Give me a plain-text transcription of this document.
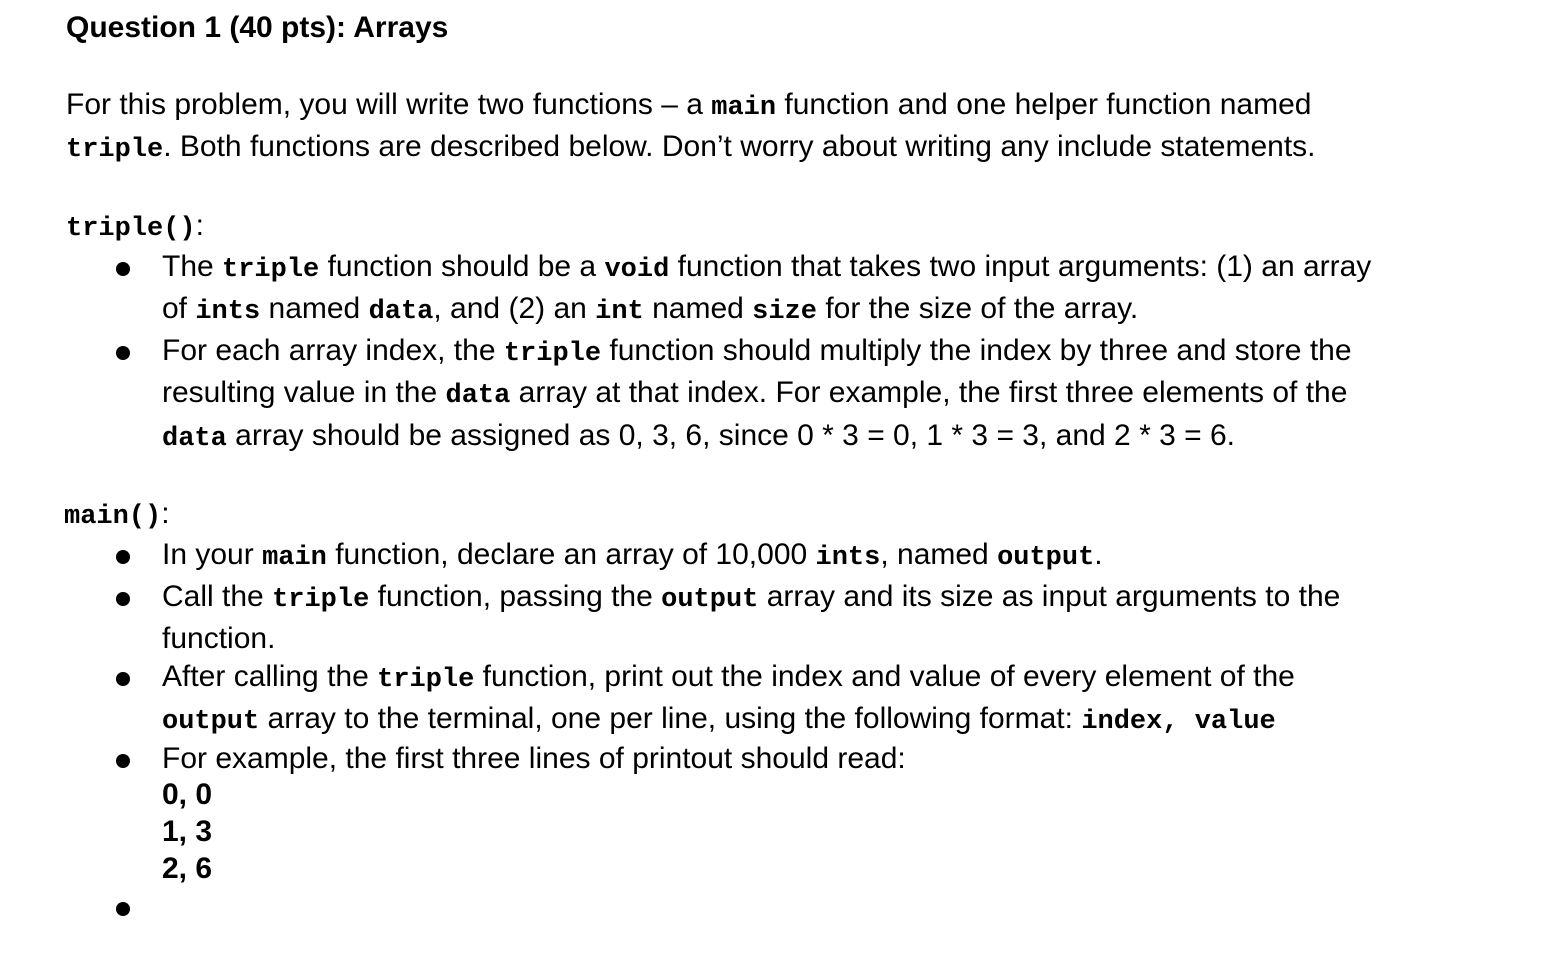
Question 1 (40 pts): Arrays
For this problem, you will write two functions – a main function and one helper function named
triple. Both functions are described below. Don’t worry about writing any include statements.
triple():
The triple function should be a void function that takes two input arguments: (1) an array
of ints named data, and (2) an int named size for the size of the array.
For each array index, the triple function should multiply the index by three and store the
resulting value in the data array at that index. For example, the first three elements of the
data array should be assigned as 0, 3, 6, since 0 * 3 = 0, 1 * 3 = 3, and 2 * 3 = 6.
main():
In your main function, declare an array of 10,000 ints, named output.
Call the triple function, passing the output array and its size as input arguments to the
function.
After calling the triple function, print out the index and value of every element of the
output array to the terminal, one per line, using the following format: index, value
For example, the first three lines of printout should read:
0, 0
1, 3
2, 6
